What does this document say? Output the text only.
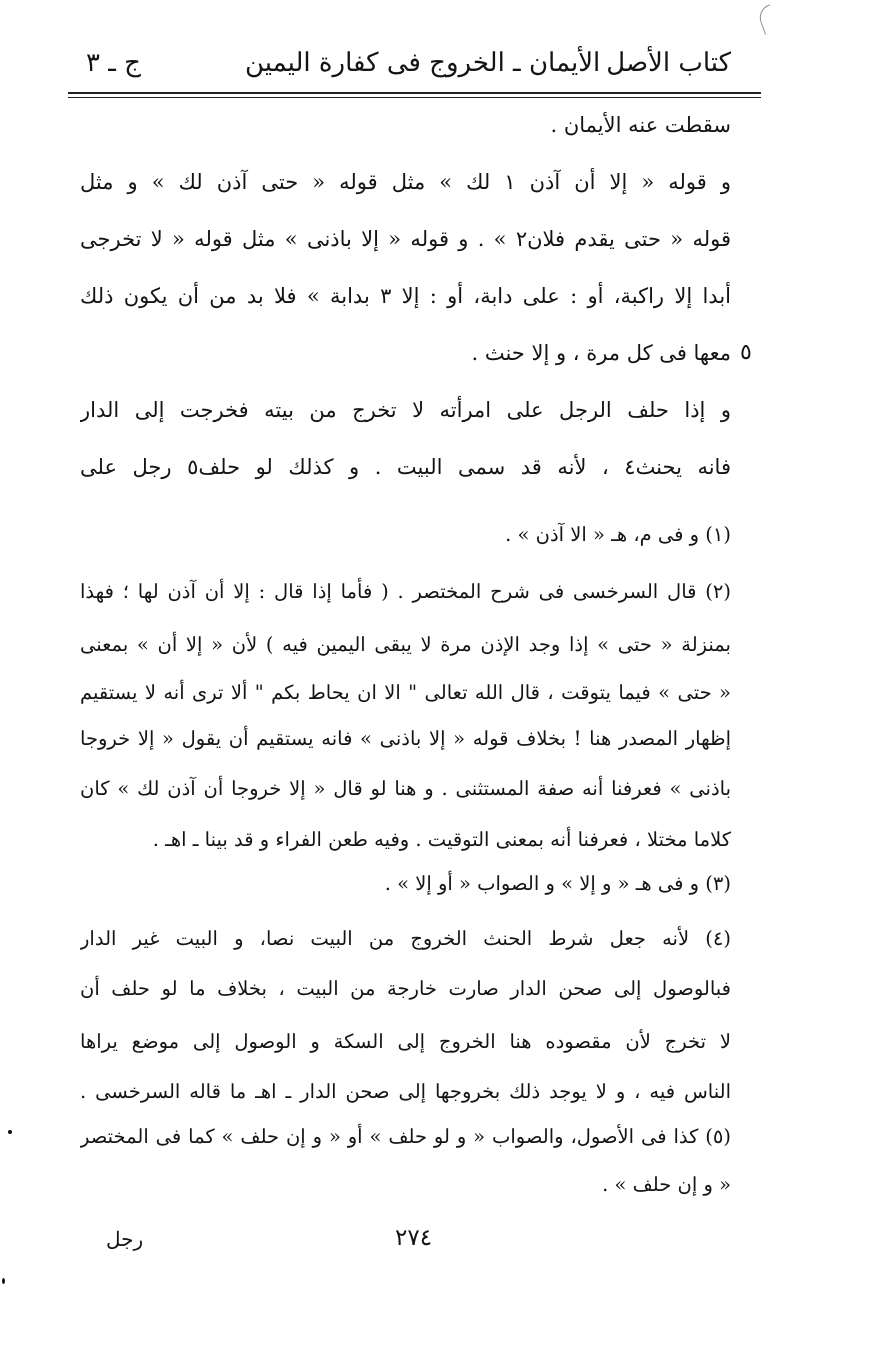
كتاب الأصل
الأيمان ـ الخروج فى كفارة اليمين
ج ـ ٣
سقطت عنه الأيمان .
و قوله « إلا أن آذن ١ لك » مثل قوله « حتى آذن لك » و مثل
قوله « حتى يقدم فلان٢ » . و قوله « إلا باذنى » مثل قوله « لا تخرجى
أبدا إلا راكبة، أو : على دابة، أو : إلا ٣ بدابة » فلا بد من أن يكون ذلك
معها فى كل مرة ، و إلا حنث . ٥
و إذا حلف الرجل على امرأته لا تخرج من بيته فخرجت إلى الدار
فانه يحنث٤ ، لأنه قد سمى البيت . و كذلك لو حلف٥ رجل على
(١) و فى م، هـ « الا آذن » .
(٢) قال السرخسى فى شرح المختصر . ( فأما إذا قال : إلا أن آذن لها ؛ فهذا
بمنزلة « حتى » إذا وجد الإذن مرة لا يبقى اليمين فيه ) لأن « إلا أن » بمعنى
« حتى » فيما يتوقت ، قال الله تعالى " الا ان يحاط بكم " ألا ترى أنه لا يستقيم
إظهار المصدر هنا ! بخلاف قوله « إلا باذنى » فانه يستقيم أن يقول « إلا خروجا
باذنى » فعرفنا أنه صفة المستثنى . و هنا لو قال « إلا خروجا أن آذن لك » كان
كلاما مختلا ، فعرفنا أنه بمعنى التوقيت . وفيه طعن الفراء و قد بينا ـ اهـ .
(٣) و فى هـ « و إلا » و الصواب « أو إلا » .
(٤) لأنه جعل شرط الحنث الخروج من البيت نصا، و البيت غير الدار
فبالوصول إلى صحن الدار صارت خارجة من البيت ، بخلاف ما لو حلف أن
لا تخرج لأن مقصوده هنا الخروج إلى السكة و الوصول إلى موضع يراها
الناس فيه ، و لا يوجد ذلك بخروجها إلى صحن الدار ـ اهـ ما قاله السرخسى .
(٥) كذا فى الأصول، والصواب « و لو حلف » أو « و إن حلف » كما فى المختصر
« و إن حلف » .
٢٧٤
رجل
